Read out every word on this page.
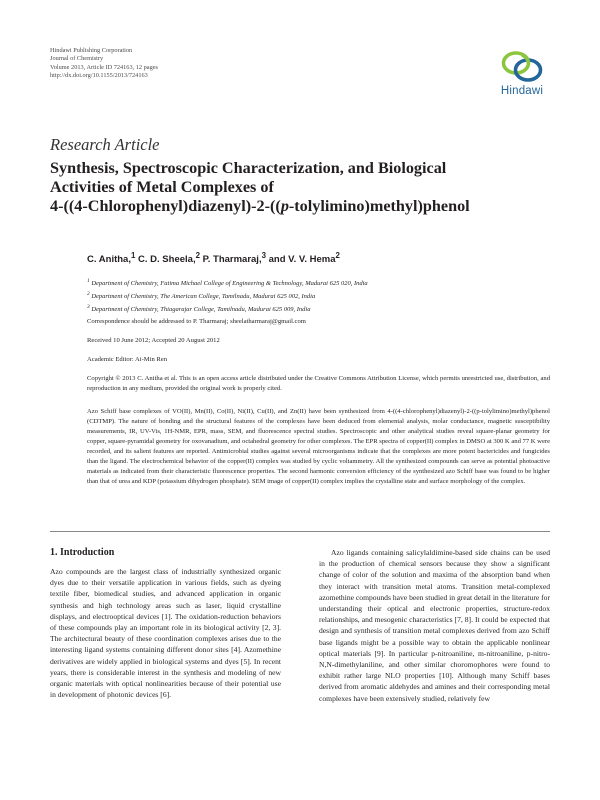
Hindawi Publishing Corporation
Journal of Chemistry
Volume 2013, Article ID 724163, 12 pages
http://dx.doi.org/10.1155/2013/724163
Hindawi
Research Article
Synthesis, Spectroscopic Characterization, and Biological
Activities of Metal Complexes of
4-((4-Chlorophenyl)diazenyl)-2-((p-tolylimino)methyl)phenol
C. Anitha,$^1$ C. D. Sheela,$^2$ P. Tharmaraj,$^3$ and V. V. Hema$^2$
$^1$ Department of Chemistry, Fatima Michael College of Engineering & Technology, Madurai 625 020, India
$^2$ Department of Chemistry, The American College, Tamilnadu, Madurai 625 002, India
$^3$ Department of Chemistry, Thiagarajar College, Tamilnadu, Madurai 625 009, India
Correspondence should be addressed to P. Tharmaraj; sheelatharmaraj@gmail.com
Received 10 June 2012; Accepted 20 August 2012
Academic Editor: Ai-Min Ren
Copyright © 2013 C. Anitha et al. This is an open access article distributed under the Creative Commons Attribution License, which permits unrestricted use, distribution, and reproduction in any medium, provided the original work is properly cited.
Azo Schiff base complexes of VO(II), Mn(II), Co(II), Ni(II), Cu(II), and Zn(II) have been synthesized from 4-((4-chlorophenyl)diazenyl)-2-((p-tolylimino)methyl)phenol (CDTMP). The nature of bonding and the structural features of the complexes have been deduced from elemental analysis, molar conductance, magnetic susceptibility measurements, IR, UV-Vis, 1H-NMR, EPR, mass, SEM, and fluorescence spectral studies. Spectroscopic and other analytical studies reveal square-planar geometry for copper, square-pyramidal geometry for oxovanadium, and octahedral geometry for other complexes. The EPR spectra of copper(II) complex in DMSO at 300 K and 77 K were recorded, and its salient features are reported. Antimicrobial studies against several microorganisms indicate that the complexes are more potent bactericides and fungicides than the ligand. The electrochemical behavior of the copper(II) complex was studied by cyclic voltammetry. All the synthesized compounds can serve as potential photoactive materials as indicated from their characteristic fluorescence properties. The second harmonic conversion efficiency of the synthesized azo Schiff base was found to be higher than that of urea and KDP (potassium dihydrogen phosphate). SEM image of copper(II) complex implies the crystalline state and surface morphology of the complex.
1. Introduction

Azo compounds are the largest class of industrially synthesized organic dyes due to their versatile application in various fields, such as dyeing textile fiber, biomedical studies, and advanced application in organic synthesis and high technology areas such as laser, liquid crystalline displays, and electrooptical devices [1]. The oxidation-reduction behaviors of these compounds play an important role in its biological activity [2, 3]. The architectural beauty of these coordination complexes arises due to the interesting ligand systems containing different donor sites [4]. Azomethine derivatives are widely applied in biological systems and dyes [5]. In recent years, there is considerable interest in the synthesis and modeling of new organic materials with optical nonlinearities because of their potential use in development of photonic devices [6].

Azo ligands containing salicylaldimine-based side chains can be used in the production of chemical sensors because they show a significant change of color of the solution and maxima of the absorption band when they interact with transition metal atoms. Transition metal-complexed azomethine compounds have been studied in great detail in the literature for understanding their optical and electronic properties, structure-redox relationships, and mesogenic characteristics [7, 8]. It could be expected that design and synthesis of transition metal complexes derived from azo Schiff base ligands might be a possible way to obtain the applicable nonlinear optical materials [9]. In particular p-nitroaniline, m-nitroaniline, p-nitro-N,N-dimethylaniline, and other similar choromophores were found to exhibit rather large NLO properties [10]. Although many Schiff bases derived from aromatic aldehydes and amines and their corresponding metal complexes have been extensively studied, relatively few
